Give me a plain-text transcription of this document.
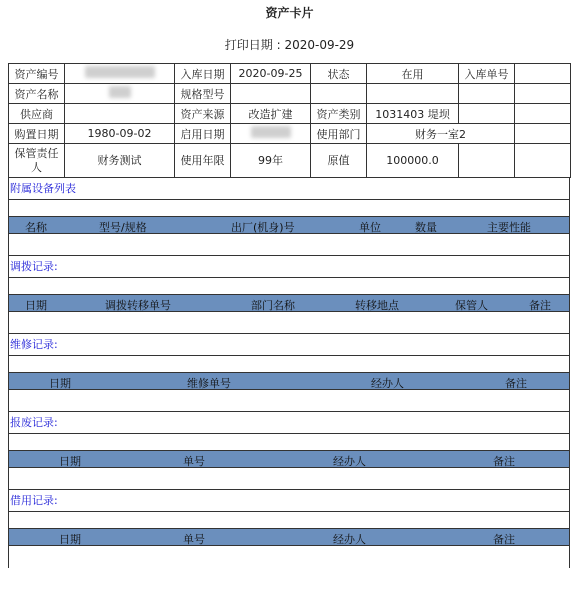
资产卡片
打印日期 : 2020-09-29
资产编号		入库日期	2020-09-25	状态	在用	入库单号	
资产名称		规格型号					
供应商		资产来源	改造扩建	资产类别	1031403 堤坝		
购置日期	1980-09-02	启用日期		使用部门	财务一室2		
保管责任人	财务测试	使用年限	99年	原值	100000.0		
附属设备列表
名称	型号/规格	出厂(机身)号	单位	数量	主要性能
调拨记录:
日期	调拨转移单号	部门名称	转移地点	保管人	备注
维修记录:
日期	维修单号	经办人	备注
报废记录:
日期	单号	经办人	备注
借用记录:
日期	单号	经办人	备注
